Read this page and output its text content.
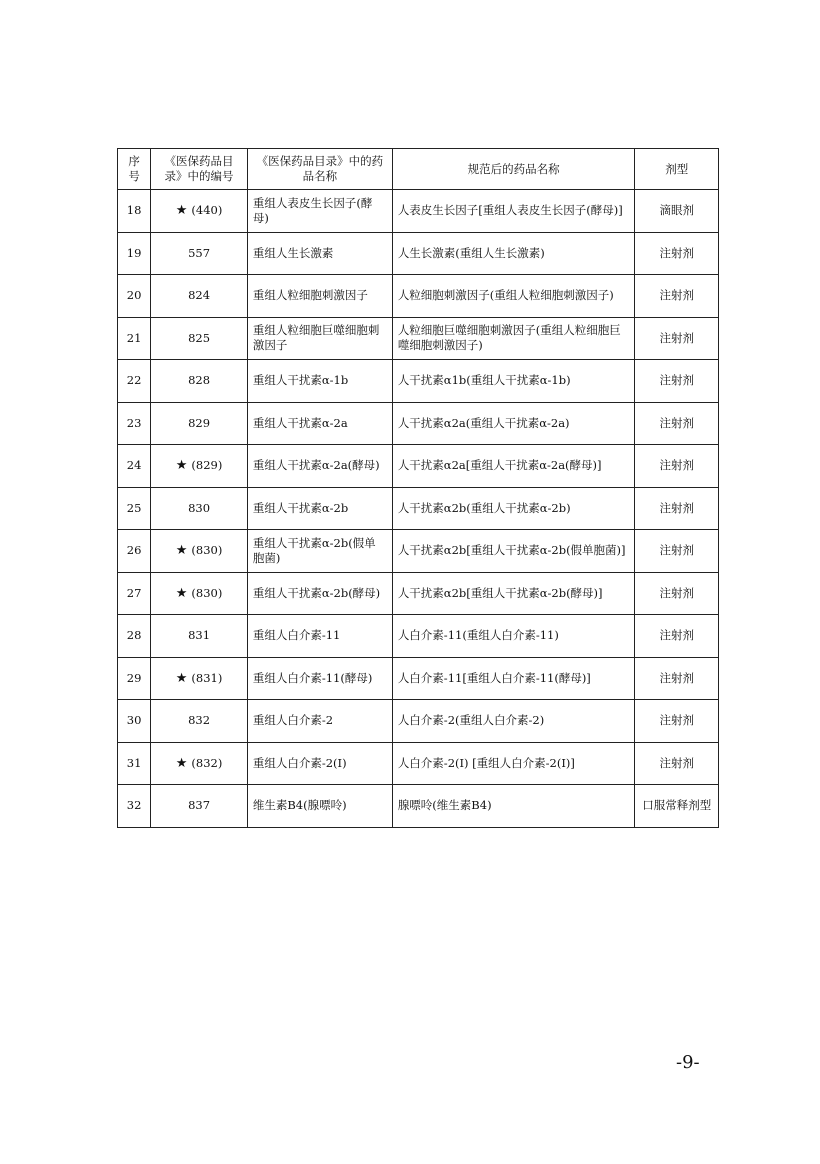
序号	《医保药品目录》中的编号	《医保药品目录》中的药品名称	规范后的药品名称	剂型
18	★ (440)	重组人表皮生长因子(酵母)	人表皮生长因子[重组人表皮生长因子(酵母)]	滴眼剂
19	557	重组人生长激素	人生长激素(重组人生长激素)	注射剂
20	824	重组人粒细胞刺激因子	人粒细胞刺激因子(重组人粒细胞刺激因子)	注射剂
21	825	重组人粒细胞巨噬细胞刺激因子	人粒细胞巨噬细胞刺激因子(重组人粒细胞巨噬细胞刺激因子)	注射剂
22	828	重组人干扰素α-1b	人干扰素α1b(重组人干扰素α-1b)	注射剂
23	829	重组人干扰素α-2a	人干扰素α2a(重组人干扰素α-2a)	注射剂
24	★ (829)	重组人干扰素α-2a(酵母)	人干扰素α2a[重组人干扰素α-2a(酵母)]	注射剂
25	830	重组人干扰素α-2b	人干扰素α2b(重组人干扰素α-2b)	注射剂
26	★ (830)	重组人干扰素α-2b(假单胞菌)	人干扰素α2b[重组人干扰素α-2b(假单胞菌)]	注射剂
27	★ (830)	重组人干扰素α-2b(酵母)	人干扰素α2b[重组人干扰素α-2b(酵母)]	注射剂
28	831	重组人白介素-11	人白介素-11(重组人白介素-11)	注射剂
29	★ (831)	重组人白介素-11(酵母)	人白介素-11[重组人白介素-11(酵母)]	注射剂
30	832	重组人白介素-2	人白介素-2(重组人白介素-2)	注射剂
31	★ (832)	重组人白介素-2(I)	人白介素-2(I) [重组人白介素-2(I)]	注射剂
32	837	维生素B4(腺嘌呤)	腺嘌呤(维生素B4)	口服常释剂型
-9-
